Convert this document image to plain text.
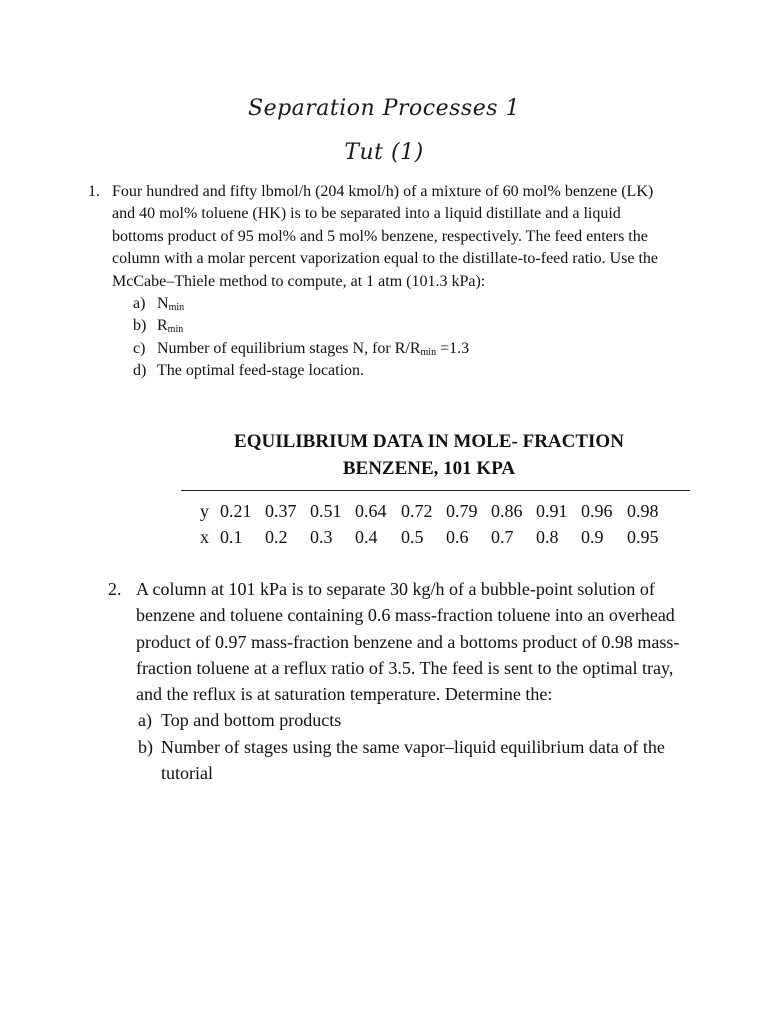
Separation Processes 1
Tut (1)
1. Four hundred and fifty lbmol/h (204 kmol/h) of a mixture of 60 mol% benzene (LK) and 40 mol% toluene (HK) is to be separated into a liquid distillate and a liquid bottoms product of 95 mol% and 5 mol% benzene, respectively. The feed enters the column with a molar percent vaporization equal to the distillate-to-feed ratio. Use the McCabe–Thiele method to compute, at 1 atm (101.3 kPa):
a) $N_{min}$
b) $R_{min}$
c) Number of equilibrium stages N, for $R/R_{min} =1.3$
d) The optimal feed-stage location.
EQUILIBRIUM DATA IN MOLE- FRACTION
BENZENE, 101 KPA
y 0.21 0.37 0.51 0.64 0.72 0.79 0.86 0.91 0.96 0.98
x 0.1 0.2 0.3 0.4 0.5 0.6 0.7 0.8 0.9 0.95
2. A column at 101 kPa is to separate 30 kg/h of a bubble-point solution of benzene and toluene containing 0.6 mass-fraction toluene into an overhead product of 0.97 mass-fraction benzene and a bottoms product of 0.98 mass-fraction toluene at a reflux ratio of 3.5. The feed is sent to the optimal tray, and the reflux is at saturation temperature. Determine the:
a) Top and bottom products
b) Number of stages using the same vapor–liquid equilibrium data of the tutorial
